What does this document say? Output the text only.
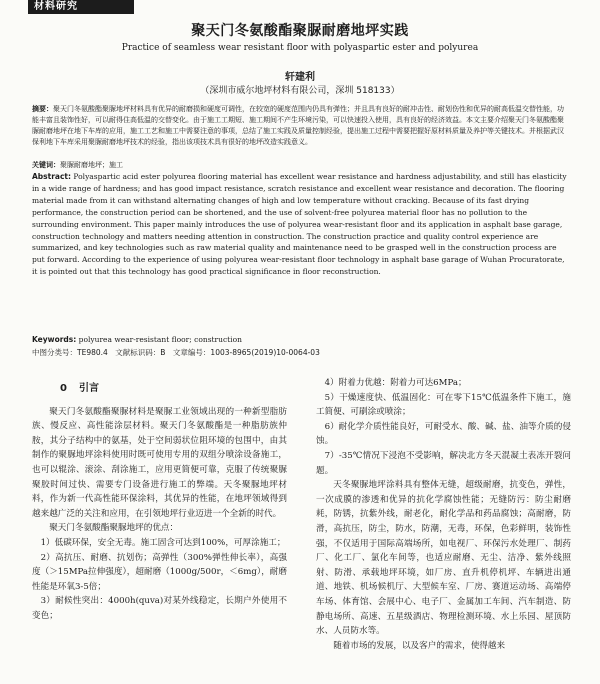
材料研究
聚天门冬氨酸酯聚脲耐磨地坪实践
Practice of seamless wear resistant floor with polyaspartic ester and polyurea
轩建利
（深圳市威尔地坪材料有限公司，深圳 518133）
摘要：聚天门冬氨酸酯聚脲地坪材料具有优异的耐磨损和硬度可调性，在较宽的硬度范围内仍具有弹性；并且具有良好的耐冲击性、耐划伤性和优异的耐高低温交替性能，功能丰富且装饰性好，可以耐得住高低温的交替变化。由于施工工期短、施工期间不产生环境污染，可以快速投入使用，具有良好的经济效益。本文主要介绍聚天门冬氨酸酯聚脲耐磨地坪在地下车库的应用，施工工艺和施工中需要注意的事项，总结了施工实践及质量控制经验，提出施工过程中需要把握好原材料质量及养护等关键技术。并根据武汉保利地下车库采用聚脲耐磨地坪技术的经验，指出该项技术具有很好的地坪改造实践意义。
关键词：聚脲耐磨地坪；施工
Abstract: Polyaspartic acid ester polyurea flooring material has excellent wear resistance and hardness adjustability, and still has elasticity in a wide range of hardness; and has good impact resistance, scratch resistance and excellent wear resistance and decoration. The flooring material made from it can withstand alternating changes of high and low temperature without cracking. Because of its fast drying performance, the construction period can be shortened, and the use of solvent-free polyurea material floor has no pollution to the surrounding environment. This paper mainly introduces the use of polyurea wear-resistant floor and its application in asphalt base garage, construction technology and matters needing attention in construction. The construction practice and quality control experience are summarized, and key technologies such as raw material quality and maintenance need to be grasped well in the construction process are put forward. According to the experience of using polyurea wear-resistant floor technology in asphalt base garage of Wuhan Procuratorate, it is pointed out that this technology has good practical significance in floor reconstruction.
Keywords: polyurea wear-resistant floor; construction
中图分类号：TE980.4　文献标识码：B　文章编号：1003-8965(2019)10-0064-03
0 引言

聚天门冬氨酸酯聚脲材料是聚脲工业领域出现的一种新型脂肪族、慢反应、高性能涂层材料。聚天门冬氨酸酯是一种脂肪族仲胺，其分子结构中的氨基，处于空间弱状位阻环境的包围中，由其制作的聚脲地坪涂料使用时既可使用专用的双组分喷涂设备施工，也可以辊涂、滚涂、刮涂施工，应用更简便可靠，克服了传统聚脲聚胶时间过快、需要专门设备进行施工的弊端。天冬聚脲地坪材料，作为新一代高性能环保涂料，其优异的性能，在地坪领域得到越来越广泛的关注和应用，在引领地坪行业迈进一个全新的时代。

聚天门冬氨酸酯聚脲地坪的优点：

1）低碳环保，安全无毒。施工固含可达到100%，可厚涂施工；

2）高抗压、耐磨、抗划伤；高弹性（300%弹性伸长率），高强度（＞15MPa拉伸强度），超耐磨（1000g/500r，＜6mg），耐磨性能是环氧3-5倍；

3）耐候性突出：4000h(quva)对某外线稳定，长期户外使用不变色；

4）附着力优越：附着力可达6MPa；

5）干燥速度快、低温固化：可在零下15℃低温条件下施工，施工简便、可刷涂或喷涂；

6）耐化学介质性能良好，可耐受水、酸、碱、盐、油等介质的侵蚀。

7）-35℃情况下浸泡不受影响，解决北方冬天混凝土表冻开裂问题。

天冬聚脲地坪涂料具有整体无缝，超级耐磨，抗变色，弹性，一次成膜的渗透和优异的抗化学腐蚀性能；无缝防污：防尘耐磨耗，防锈，抗紫外线，耐老化，耐化学品和药品腐蚀；高耐磨，防滑，高抗压，防尘，防水，防潮，无毒，环保，色彩鲜明，装饰性强，不仅适用于国际高端场所，如电视厂、环保污水处理厂、制药厂、化工厂、氯化车间等，也适应耐磨、无尘、洁净、紫外线照射、防滑、承载地坪环境，如厂房、直升机停机坪、车辆进出通道、地铁、机场候机厅、大型候车室、厂房、赛道运动场、高端停车场、体育馆、会展中心、电子厂、金属加工车间、汽车制造、防静电场所、高速、五星级酒店、物理检测环境、水上乐园、屋顶防水、人员防水等。

随着市场的发展，以及客户的需求，使得越来
